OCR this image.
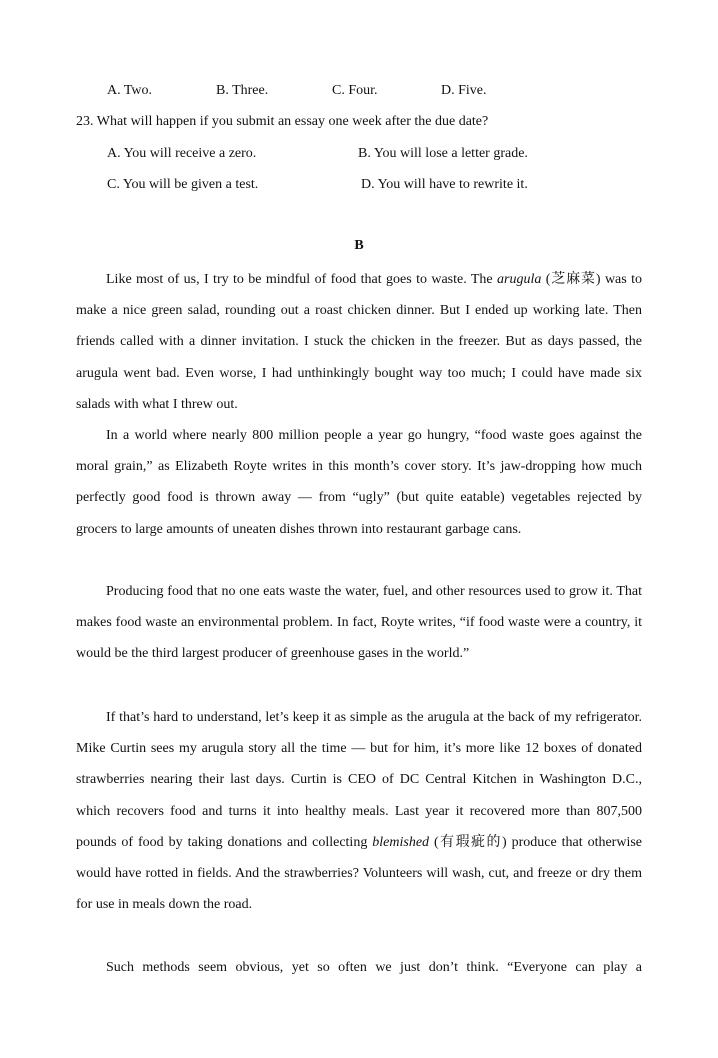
A. Two.	B. Three.	C. Four.	D. Five.
23. What will happen if you submit an essay one week after the due date?
A. You will receive a zero.	B. You will lose a letter grade.
C. You will be given a test.	D. You will have to rewrite it.
B

Like most of us, I try to be mindful of food that goes to waste. The arugula (芝麻菜) was to make a nice green salad, rounding out a roast chicken dinner. But I ended up working late. Then friends called with a dinner invitation. I stuck the chicken in the freezer. But as days passed, the arugula went bad. Even worse, I had unthinkingly bought way too much; I could have made six salads with what I threw out.

In a world where nearly 800 million people a year go hungry, “food waste goes against the moral grain,” as Elizabeth Royte writes in this month’s cover story. It’s jaw-dropping how much perfectly good food is thrown away — from “ugly” (but quite eatable) vegetables rejected by grocers to large amounts of uneaten dishes thrown into restaurant garbage cans.

Producing food that no one eats waste the water, fuel, and other resources used to grow it. That makes food waste an environmental problem. In fact, Royte writes, “if food waste were a country, it would be the third largest producer of greenhouse gases in the world.”

If that’s hard to understand, let’s keep it as simple as the arugula at the back of my refrigerator. Mike Curtin sees my arugula story all the time — but for him, it’s more like 12 boxes of donated strawberries nearing their last days. Curtin is CEO of DC Central Kitchen in Washington D.C., which recovers food and turns it into healthy meals. Last year it recovered more than 807,500 pounds of food by taking donations and collecting blemished (有瑕疵的) produce that otherwise would have rotted in fields. And the strawberries? Volunteers will wash, cut, and freeze or dry them for use in meals down the road.

Such methods seem obvious, yet so often we just don’t think. “Everyone can play a
